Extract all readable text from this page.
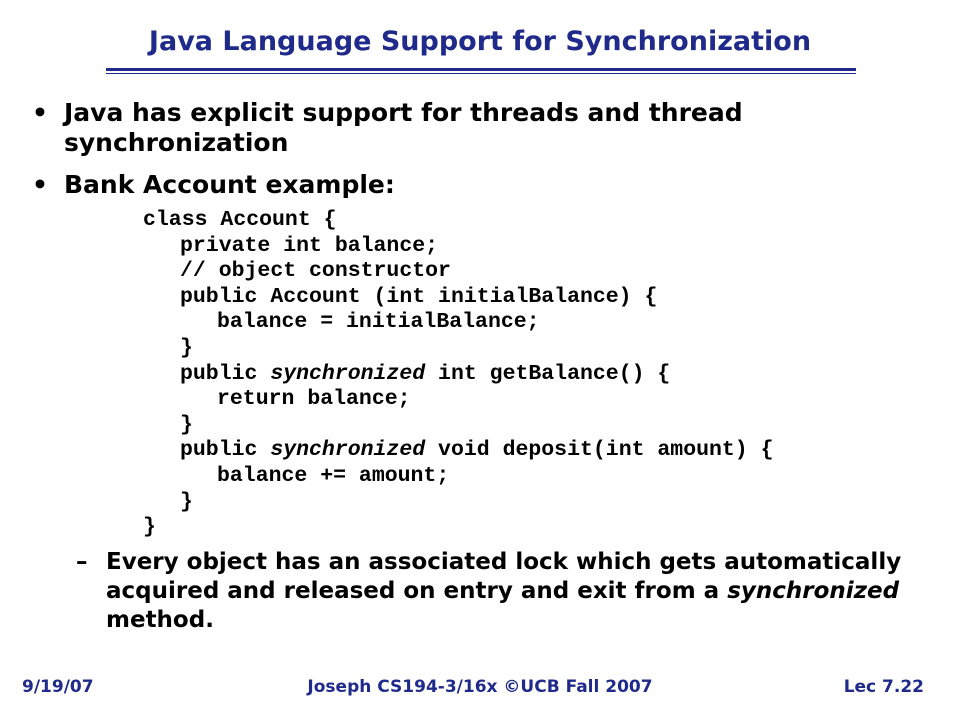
Java Language Support for Synchronization
• Java has explicit support for threads and thread synchronization
• Bank Account example:
class Account {
private int balance;
// object constructor
public Account (int initialBalance) {
balance = initialBalance;
}
public synchronized int getBalance() {
return balance;
}
public synchronized void deposit(int amount) {
balance += amount;
}
}
– Every object has an associated lock which gets automatically acquired and released on entry and exit from a synchronized method.
9/19/07	Joseph CS194-3/16x ©UCB Fall 2007	Lec 7.22
